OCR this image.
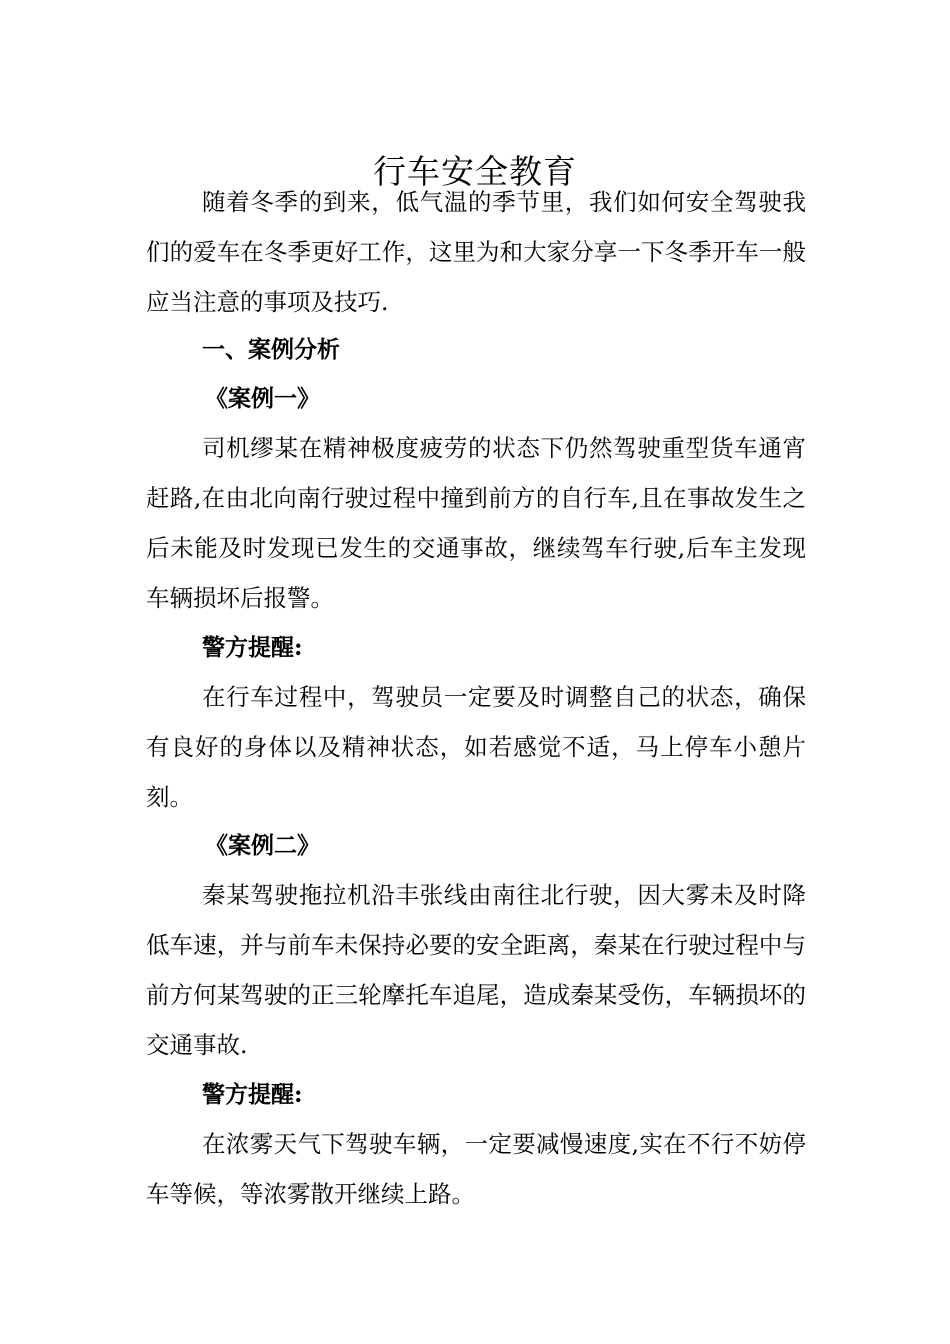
行车安全教育

随着冬季的到来，低气温的季节里，我们如何安全驾驶我们的爱车在冬季更好工作，这里为和大家分享一下冬季开车一般应当注意的事项及技巧.

一、案例分析
《案例一》

司机缪某在精神极度疲劳的状态下仍然驾驶重型货车通宵赶路,在由北向南行驶过程中撞到前方的自行车,且在事故发生之后未能及时发现已发生的交通事故，继续驾车行驶,后车主发现车辆损坏后报警。

警方提醒:

在行车过程中，驾驶员一定要及时调整自己的状态，确保有良好的身体以及精神状态，如若感觉不适，马上停车小憩片刻。

《案例二》

秦某驾驶拖拉机沿丰张线由南往北行驶，因大雾未及时降低车速，并与前车未保持必要的安全距离，秦某在行驶过程中与前方何某驾驶的正三轮摩托车追尾，造成秦某受伤，车辆损坏的交通事故.

警方提醒:

在浓雾天气下驾驶车辆，一定要减慢速度,实在不行不妨停车等候，等浓雾散开继续上路。
